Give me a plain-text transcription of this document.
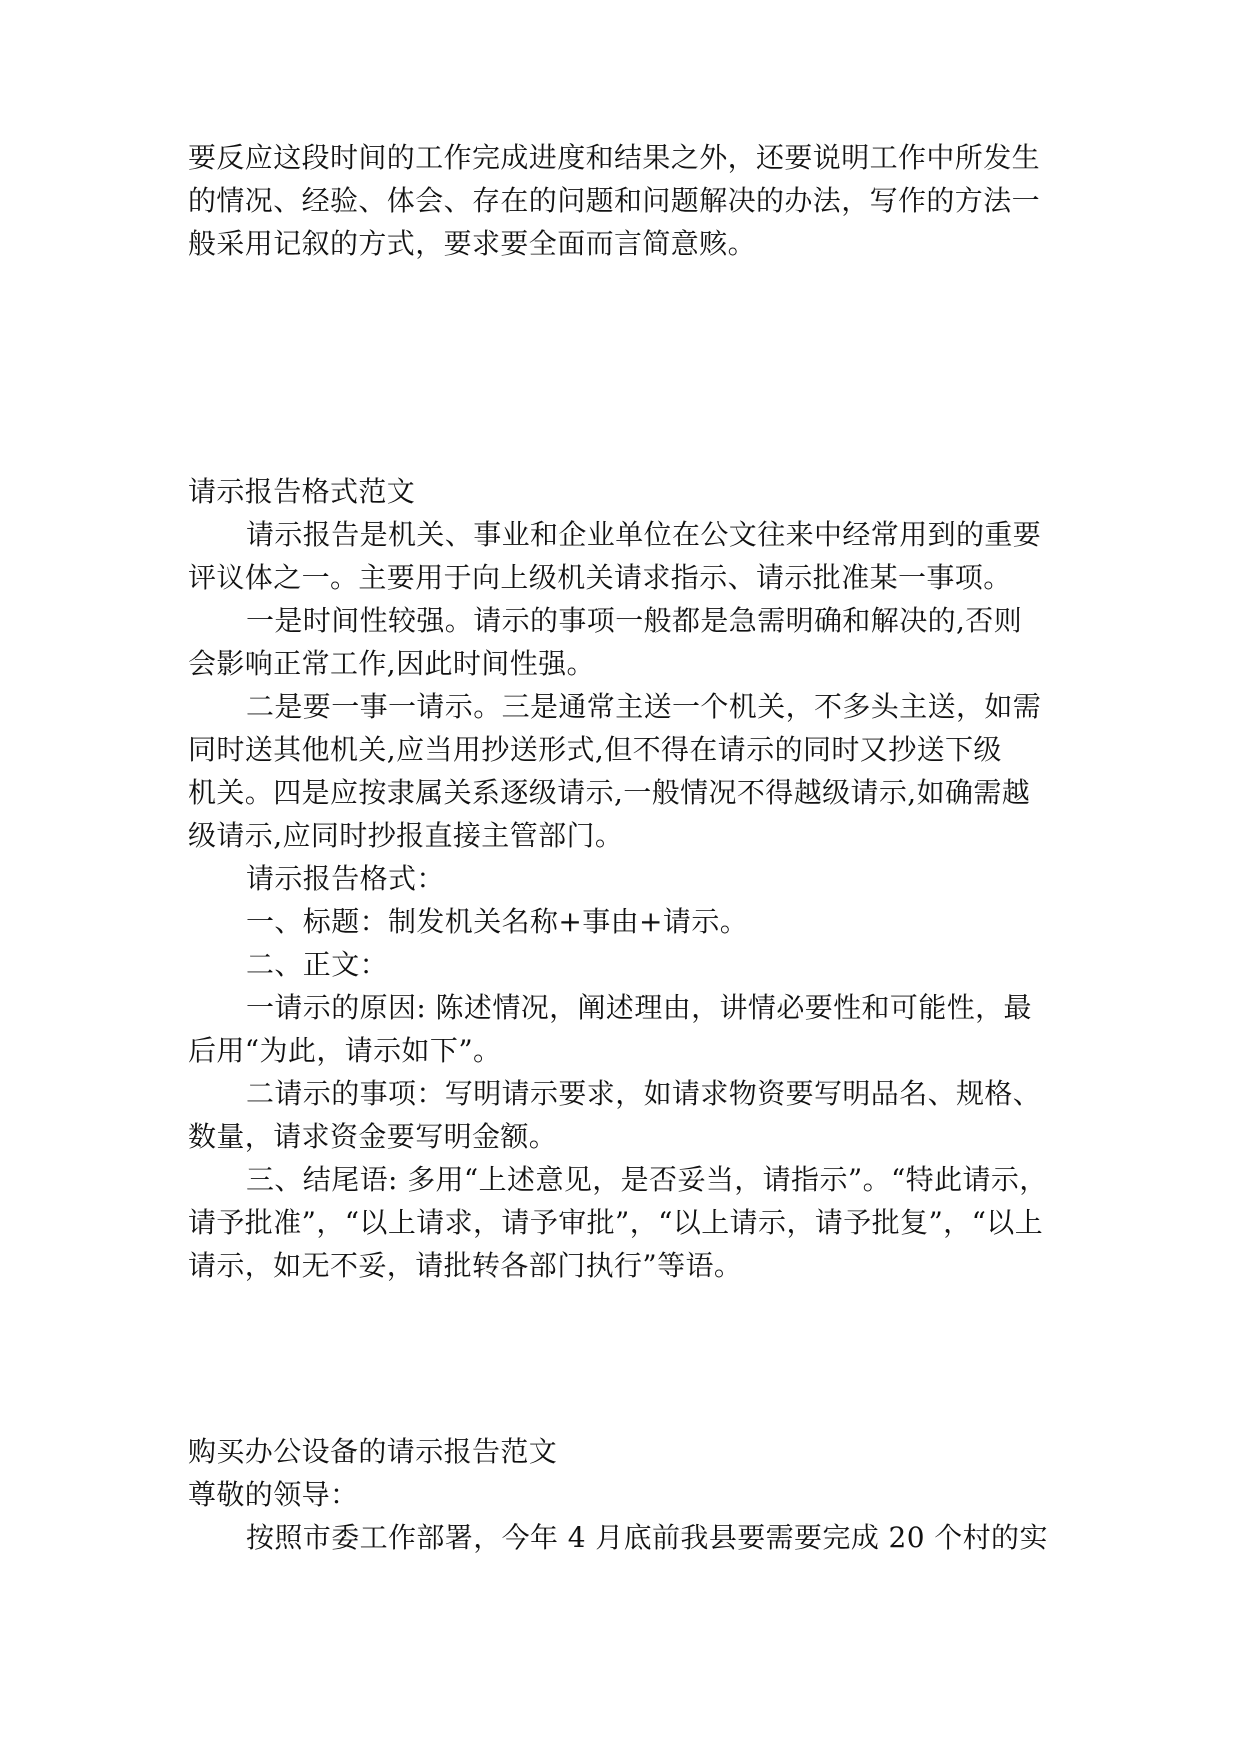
要反应这段时间的工作完成进度和结果之外，还要说明工作中所发生
的情况、经验、体会、存在的问题和问题解决的办法，写作的方法一
般采用记叙的方式，要求要全面而言简意赅。
请示报告格式范文
请示报告是机关、事业和企业单位在公文往来中经常用到的重要
评议体之一。主要用于向上级机关请求指示、请示批准某一事项。
一是时间性较强。请示的事项一般都是急需明确和解决的,否则
会影响正常工作,因此时间性强。
二是要一事一请示。三是通常主送一个机关，不多头主送，如需
同时送其他机关,应当用抄送形式,但不得在请示的同时又抄送下级
机关。四是应按隶属关系逐级请示,一般情况不得越级请示,如确需越
级请示,应同时抄报直接主管部门。
请示报告格式：
一、标题：制发机关名称+事由+请示。
二、正文：
一请示的原因: 陈述情况，阐述理由，讲情必要性和可能性，最
后用“为此，请示如下”。
二请示的事项：写明请示要求，如请求物资要写明品名、规格、
数量，请求资金要写明金额。
三、结尾语: 多用“上述意见，是否妥当，请指示”。“特此请示，
请予批准”，“以上请求，请予审批”，“以上请示，请予批复”，“以上
请示，如无不妥，请批转各部门执行”等语。
购买办公设备的请示报告范文
尊敬的领导：
按照市委工作部署，今年 4 月底前我县要需要完成 20 个村的实
